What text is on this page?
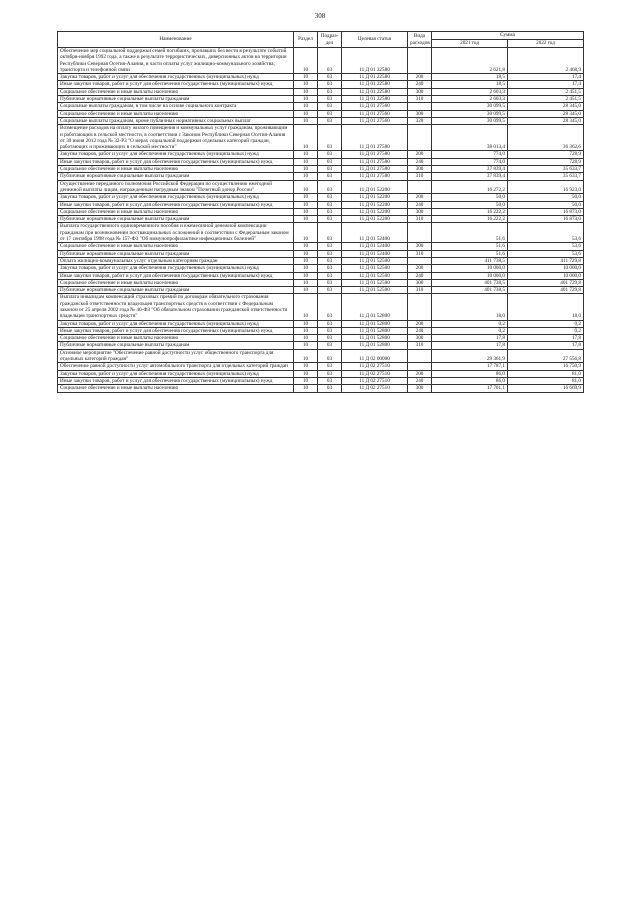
308
Наименование	Раздел	Подраз-дел	Целевая статья	Вида расходов	Сумма	
					2021 год	2022 год
Обеспечение мер социальной поддержки семей погибших, пропавших без вести в результате событий октября-ноября 1992 года, а также в результате террористических, диверсионных актов на территории Республики Северная Осетия-Алания, в части оплаты услуг жилищно-коммунального хозяйства, транспорта и телефонной связи	10	03	11 Д 01 22580		2 621,8	2 468,9
Закупка товаров, работ и услуг для обеспечения государственных (муниципальных) нужд	10	03	11 Д 01 22580	200	18,5	17,4
Иные закупки товаров, работ и услуг для обеспечения государственных (муниципальных) нужд	10	03	11 Д 01 22580	240	18,5	17,4
Социальное обеспечение и иные выплаты населению	10	03	11 Д 01 22580	300	2 603,3	2 451,5
Публичные нормативные социальные выплаты гражданам	10	03	11 Д 01 22580	310	2 603,3	2 451,5
Социальные выплаты гражданам, в том числе на основе социального контракта	10	03	11 Д 01 27560		30 099,5	28 345,0
Социальное обеспечение и иные выплаты населению	10	03	11 Д 01 27560	300	30 099,5	28 345,0
Социальные выплаты гражданам, кроме публичных нормативных социальных выплат	10	03	11 Д 01 27560	320	30 099,5	28 345,0
Возмещение расходов на оплату жилого помещения и коммунальных услуг гражданам, проживающим и работающим в сельской местности, в соответствии с Законом Республики Северная Осетия-Алания от 30 июня 2012 года № 32-РЗ "О мерах социальной поддержки отдельных категорий граждан, работающих и проживающих в сельской местности"	10	03	11 Д 01 27580		38 013,4	36 362,6
Закупка товаров, работ и услуг для обеспечения государственных (муниципальных) нужд	10	03	11 Д 01 27580	200	774,0	728,9
Иные закупки товаров, работ и услуг для обеспечения государственных (муниципальных) нужд	10	03	11 Д 01 27580	240	774,0	728,9
Социальное обеспечение и иные выплаты населению	10	03	11 Д 01 27580	300	37 839,4	35 633,7
Публичные нормативные социальные выплаты гражданам	10	03	11 Д 01 27580	310	37 839,4	35 633,7
Осуществление переданного полномочия Российской Федерации по осуществлению ежегодной денежной выплаты лицам, награжденным нагрудным знаком "Почетный донор России"	10	03	11 Д 01 52200		16 272,2	16 923,0
Закупка товаров, работ и услуг для обеспечения государственных (муниципальных) нужд	10	03	11 Д 01 52200	200	50,0	50,0
Иные закупки товаров, работ и услуг для обеспечения государственных (муниципальных) нужд	10	03	11 Д 01 52200	240	50,0	50,0
Социальное обеспечение и иные выплаты населению	10	03	11 Д 01 52200	300	16 222,2	16 873,0
Публичные нормативные социальные выплаты гражданам	10	03	11 Д 01 52200	310	16 222,2	16 873,0
Выплата государственного единовременного пособия и ежемесячной денежной компенсации гражданам при возникновении поствакцинальных осложнений в соответствии с Федеральным законом от 17 сентября 1998 года № 157-ФЗ "Об иммунопрофилактике инфекционных болезней"	10	03	11 Д 01 52400		51,6	53,6
Социальное обеспечение и иные выплаты населению	10	03	11 Д 01 52400	300	51,6	53,6
Публичные нормативные социальные выплаты гражданам	10	03	11 Д 01 52400	310	51,6	53,6
Оплата жилищно-коммунальных услуг отдельным категориям граждан	10	03	11 Д 01 52500		411 738,5	411 729,8
Закупка товаров, работ и услуг для обеспечения государственных (муниципальных) нужд	10	03	11 Д 01 52500	200	10 000,0	10 000,0
Иные закупки товаров, работ и услуг для обеспечения государственных (муниципальных) нужд	10	03	11 Д 01 52500	240	10 000,0	10 000,0
Социальное обеспечение и иные выплаты населению	10	03	11 Д 01 52500	300	401 738,5	401 729,8
Публичные нормативные социальные выплаты гражданам	10	03	11 Д 01 52500	310	401 738,5	401 729,8
Выплата инвалидам компенсаций страховых премий по договорам обязательного страхования гражданской ответственности владельцев транспортных средств в соответствии с Федеральным законом от 25 апреля 2002 года № 40-ФЗ "Об обязательном страховании гражданской ответственности владельцев транспортных средств"	10	03	11 Д 01 52800		18,0	18,0
Закупка товаров, работ и услуг для обеспечения государственных (муниципальных) нужд	10	03	11 Д 01 52800	200	0,2	0,2
Иные закупки товаров, работ и услуг для обеспечения государственных (муниципальных) нужд	10	03	11 Д 01 52800	240	0,2	0,2
Социальное обеспечение и иные выплаты населению	10	03	11 Д 01 52800	300	17,8	17,8
Публичные нормативные социальные выплаты гражданам	10	03	11 Д 01 52800	310	17,8	17,8
Основное мероприятие "Обеспечение равной доступности услуг общественного транспорта для отдельных категорий граждан"	10	03	11 Д 02 00000		29 361,9	27 556,8
Обеспечение равной доступности услуг автомобильного транспорта для отдельных категорий граждан	10	03	11 Д 02 27510		17 787,1	16 750,9
Закупка товаров, работ и услуг для обеспечения государственных (муниципальных) нужд	10	03	11 Д 02 27510	200	86,0	81,0
Иные закупки товаров, работ и услуг для обеспечения государственных (муниципальных) нужд	10	03	11 Д 02 27510	240	86,0	81,0
Социальное обеспечение и иные выплаты населению	10	03	11 Д 02 27510	300	17 701,1	16 669,9
